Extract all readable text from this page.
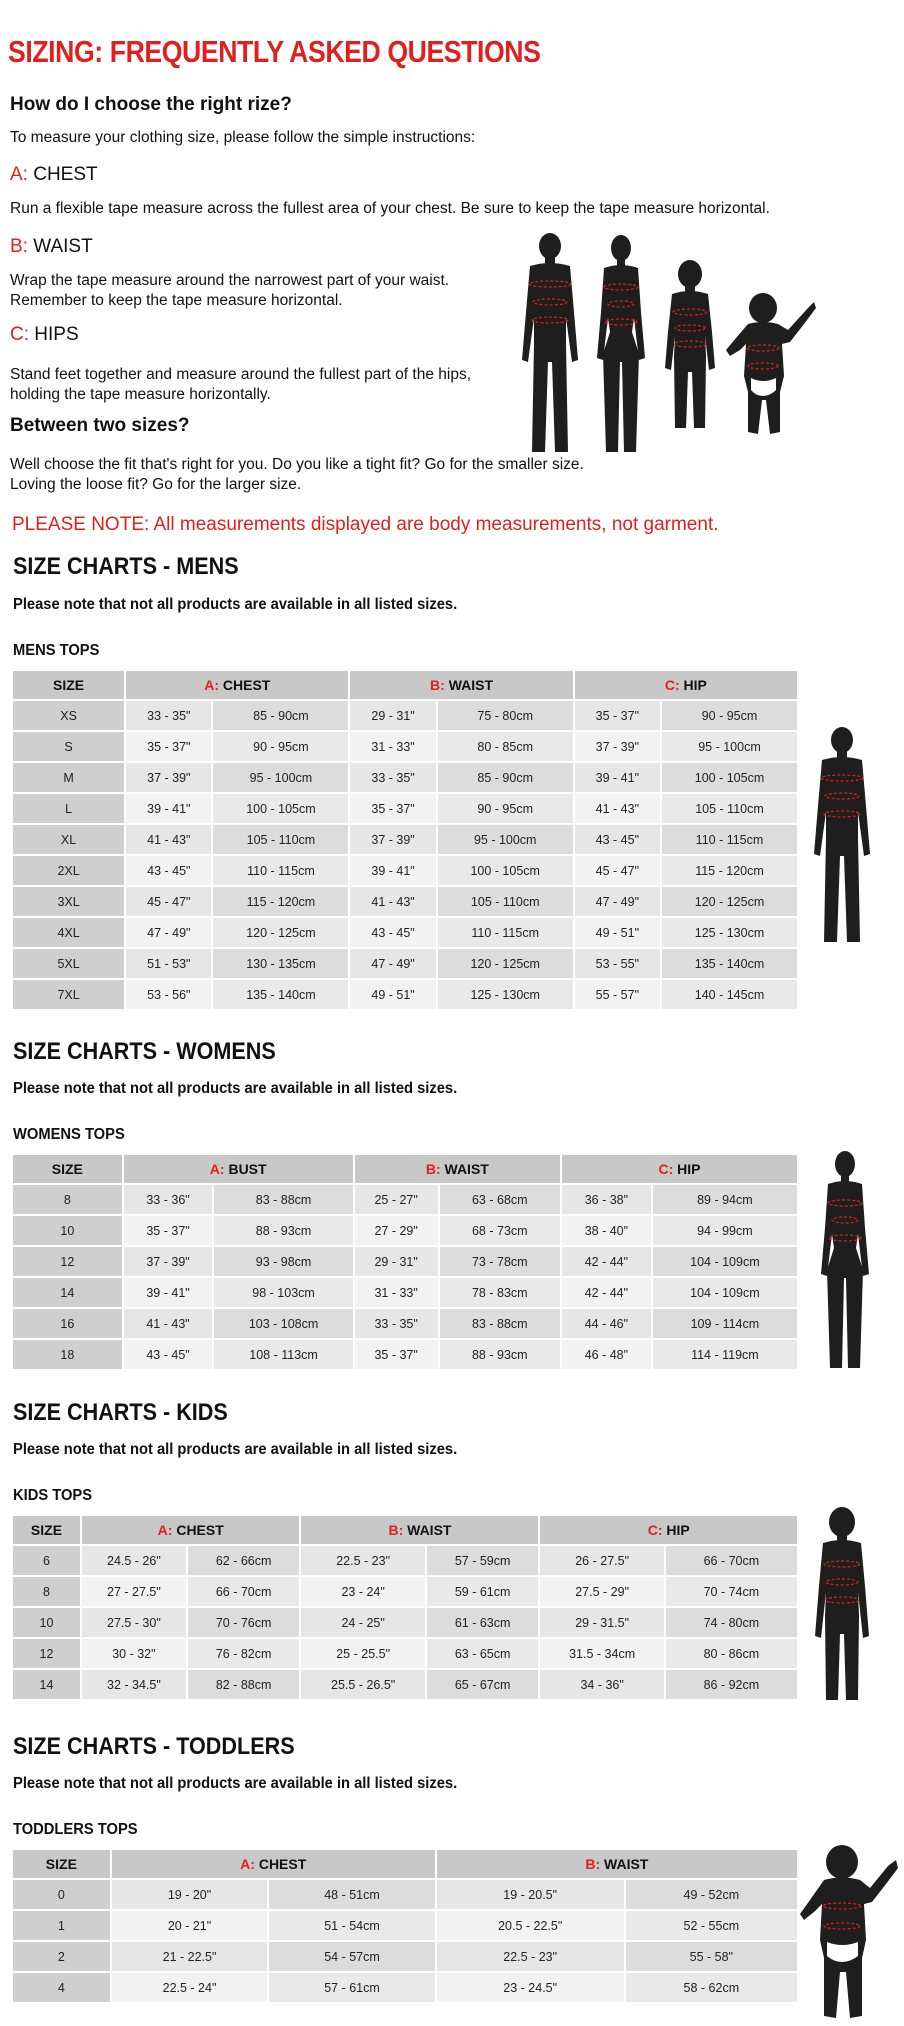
SIZING: FREQUENTLY ASKED QUESTIONS
How do I choose the right rize?
To measure your clothing size, please follow the simple instructions:
A: CHEST
Run a flexible tape measure across the fullest area of your chest. Be sure to keep the tape measure horizontal.
B: WAIST
Wrap the tape measure around the narrowest part of your waist.
Remember to keep the tape measure horizontal.
C: HIPS
Stand feet together and measure around the fullest part of the hips,
holding the tape measure horizontally.
Between two sizes?
Well choose the fit that's right for you. Do you like a tight fit? Go for the smaller size.
Loving the loose fit? Go for the larger size.
PLEASE NOTE: All measurements displayed are body measurements, not garment.
SIZE CHARTS - MENS
Please note that not all products are available in all listed sizes.
MENS TOPS
SIZE	A: CHEST		B: WAIST		C: HIP	
XS	33 - 35"	85 - 90cm	29 - 31"	75 - 80cm	35 - 37"	90 - 95cm
S	35 - 37"	90 - 95cm	31 - 33"	80 - 85cm	37 - 39"	95 - 100cm
M	37 - 39"	95 - 100cm	33 - 35"	85 - 90cm	39 - 41"	100 - 105cm
L	39 - 41"	100 - 105cm	35 - 37"	90 - 95cm	41 - 43"	105 - 110cm
XL	41 - 43"	105 - 110cm	37 - 39"	95 - 100cm	43 - 45"	110 - 115cm
2XL	43 - 45"	110 - 115cm	39 - 41"	100 - 105cm	45 - 47"	115 - 120cm
3XL	45 - 47"	115 - 120cm	41 - 43"	105 - 110cm	47 - 49"	120 - 125cm
4XL	47 - 49"	120 - 125cm	43 - 45"	110 - 115cm	49 - 51"	125 - 130cm
5XL	51 - 53"	130 - 135cm	47 - 49"	120 - 125cm	53 - 55"	135 - 140cm
7XL	53 - 56"	135 - 140cm	49 - 51"	125 - 130cm	55 - 57"	140 - 145cm
SIZE CHARTS - WOMENS
Please note that not all products are available in all listed sizes.
WOMENS TOPS
SIZE	A: BUST		B: WAIST		C: HIP	
8	33 - 36"	83 - 88cm	25 - 27"	63 - 68cm	36 - 38"	89 - 94cm
10	35 - 37"	88 - 93cm	27 - 29"	68 - 73cm	38 - 40"	94 - 99cm
12	37 - 39"	93 - 98cm	29 - 31"	73 - 78cm	42 - 44"	104 - 109cm
14	39 - 41"	98 - 103cm	31 - 33"	78 - 83cm	42 - 44"	104 - 109cm
16	41 - 43"	103 - 108cm	33 - 35"	83 - 88cm	44 - 46"	109 - 114cm
18	43 - 45"	108 - 113cm	35 - 37"	88 - 93cm	46 - 48"	114 - 119cm
SIZE CHARTS - KIDS
Please note that not all products are available in all listed sizes.
KIDS TOPS
SIZE	A: CHEST		B: WAIST		C: HIP	
6	24.5 - 26"	62 - 66cm	22.5 - 23"	57 - 59cm	26 - 27.5"	66 - 70cm
8	27 - 27.5"	66 - 70cm	23 - 24"	59 - 61cm	27.5 - 29"	70 - 74cm
10	27.5 - 30"	70 - 76cm	24 - 25"	61 - 63cm	29 - 31.5"	74 - 80cm
12	30 - 32"	76 - 82cm	25 - 25.5"	63 - 65cm	31.5 - 34cm	80 - 86cm
14	32 - 34.5"	82 - 88cm	25.5 - 26.5"	65 - 67cm	34 - 36"	86 - 92cm
SIZE CHARTS - TODDLERS
Please note that not all products are available in all listed sizes.
TODDLERS TOPS
SIZE	A: CHEST		B: WAIST	
0	19 - 20"	48 - 51cm	19 - 20.5"	49 - 52cm
1	20 - 21"	51 - 54cm	20.5 - 22.5"	52 - 55cm
2	21 - 22.5"	54 - 57cm	22.5 - 23"	55 - 58"
4	22.5 - 24"	57 - 61cm	23 - 24.5"	58 - 62cm
